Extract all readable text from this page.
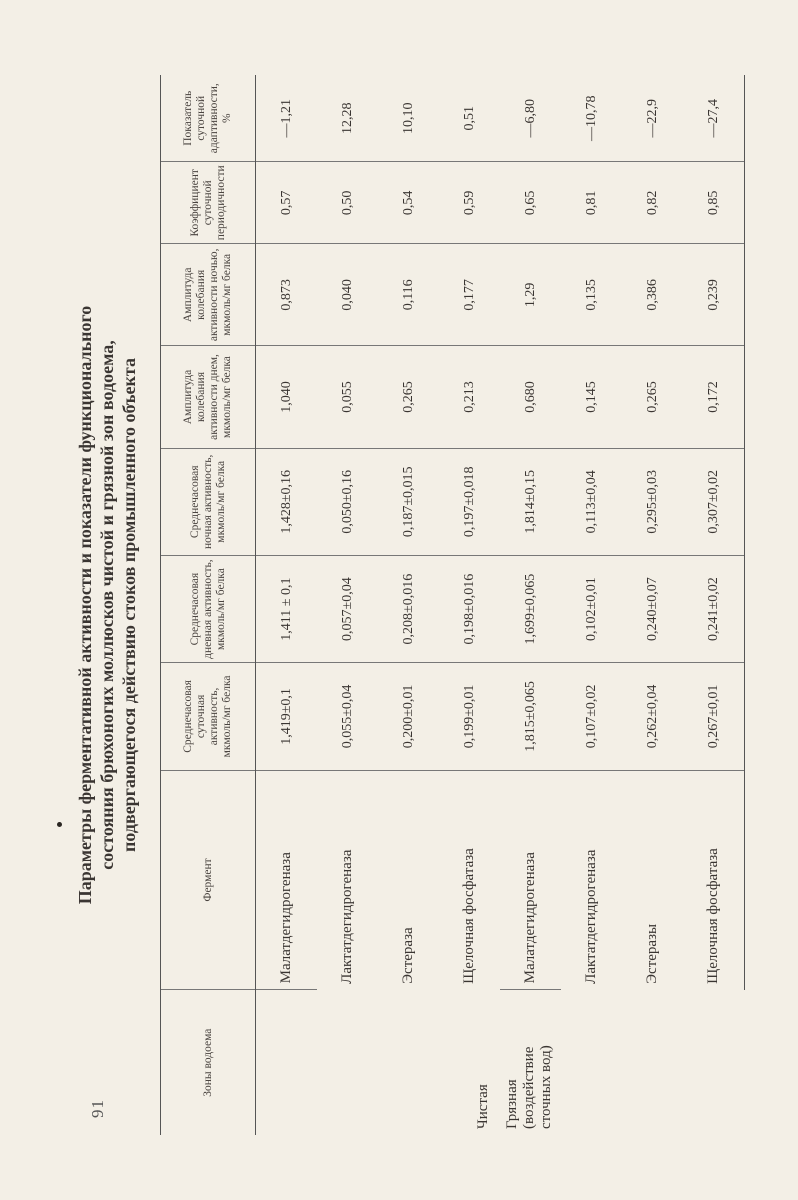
91
Параметры ферментативной активности и показатели функционального состояния брюхоногих моллюсков чистой и грязной зон водоема, подвергающегося действию стоков промышленного объекта
Зоны водоема	Фермент	Среднечасовая суточная активность, мкмоль/мг белка	Среднечасовая дневная активность, мкмоль/мг белка	Среднечасовая ночная активность, мкмоль/мг белка	Амплитуда колебания активности днем, мкмоль/мг белка	Амплитуда колебания активности ночью, мкмоль/мг белка	Коэффициент суточной периодичности	Показатель суточной адаптивности, %
Чистая	Малатдегидрогеназа	1,419±0,1	1,411 ± 0,1	1,428±0,16	1,040	0,873	0,57	—1,21
	Лактатдегидрогеназа	0,055±0,04	0,057±0,04	0,050±0,16	0,055	0,040	0,50	12,28
	Эстераза	0,200±0,01	0,208±0,016	0,187±0,015	0,265	0,116	0,54	10,10
	Щелочная фосфатаза	0,199±0,01	0,198±0,016	0,197±0,018	0,213	0,177	0,59	0,51
Грязная (воздействие сточных вод)	Малатдегидрогеназа	1,815±0,065	1,699±0,065	1,814±0,15	0,680	1,29	0,65	—6,80
	Лактатдегидрогеназа	0,107±0,02	0,102±0,01	0,113±0,04	0,145	0,135	0,81	—10,78
	Эстеразы	0,262±0,04	0,240±0,07	0,295±0,03	0,265	0,386	0,82	—22,9
	Щелочная фосфатаза	0,267±0,01	0,241±0,02	0,307±0,02	0,172	0,239	0,85	—27,4
